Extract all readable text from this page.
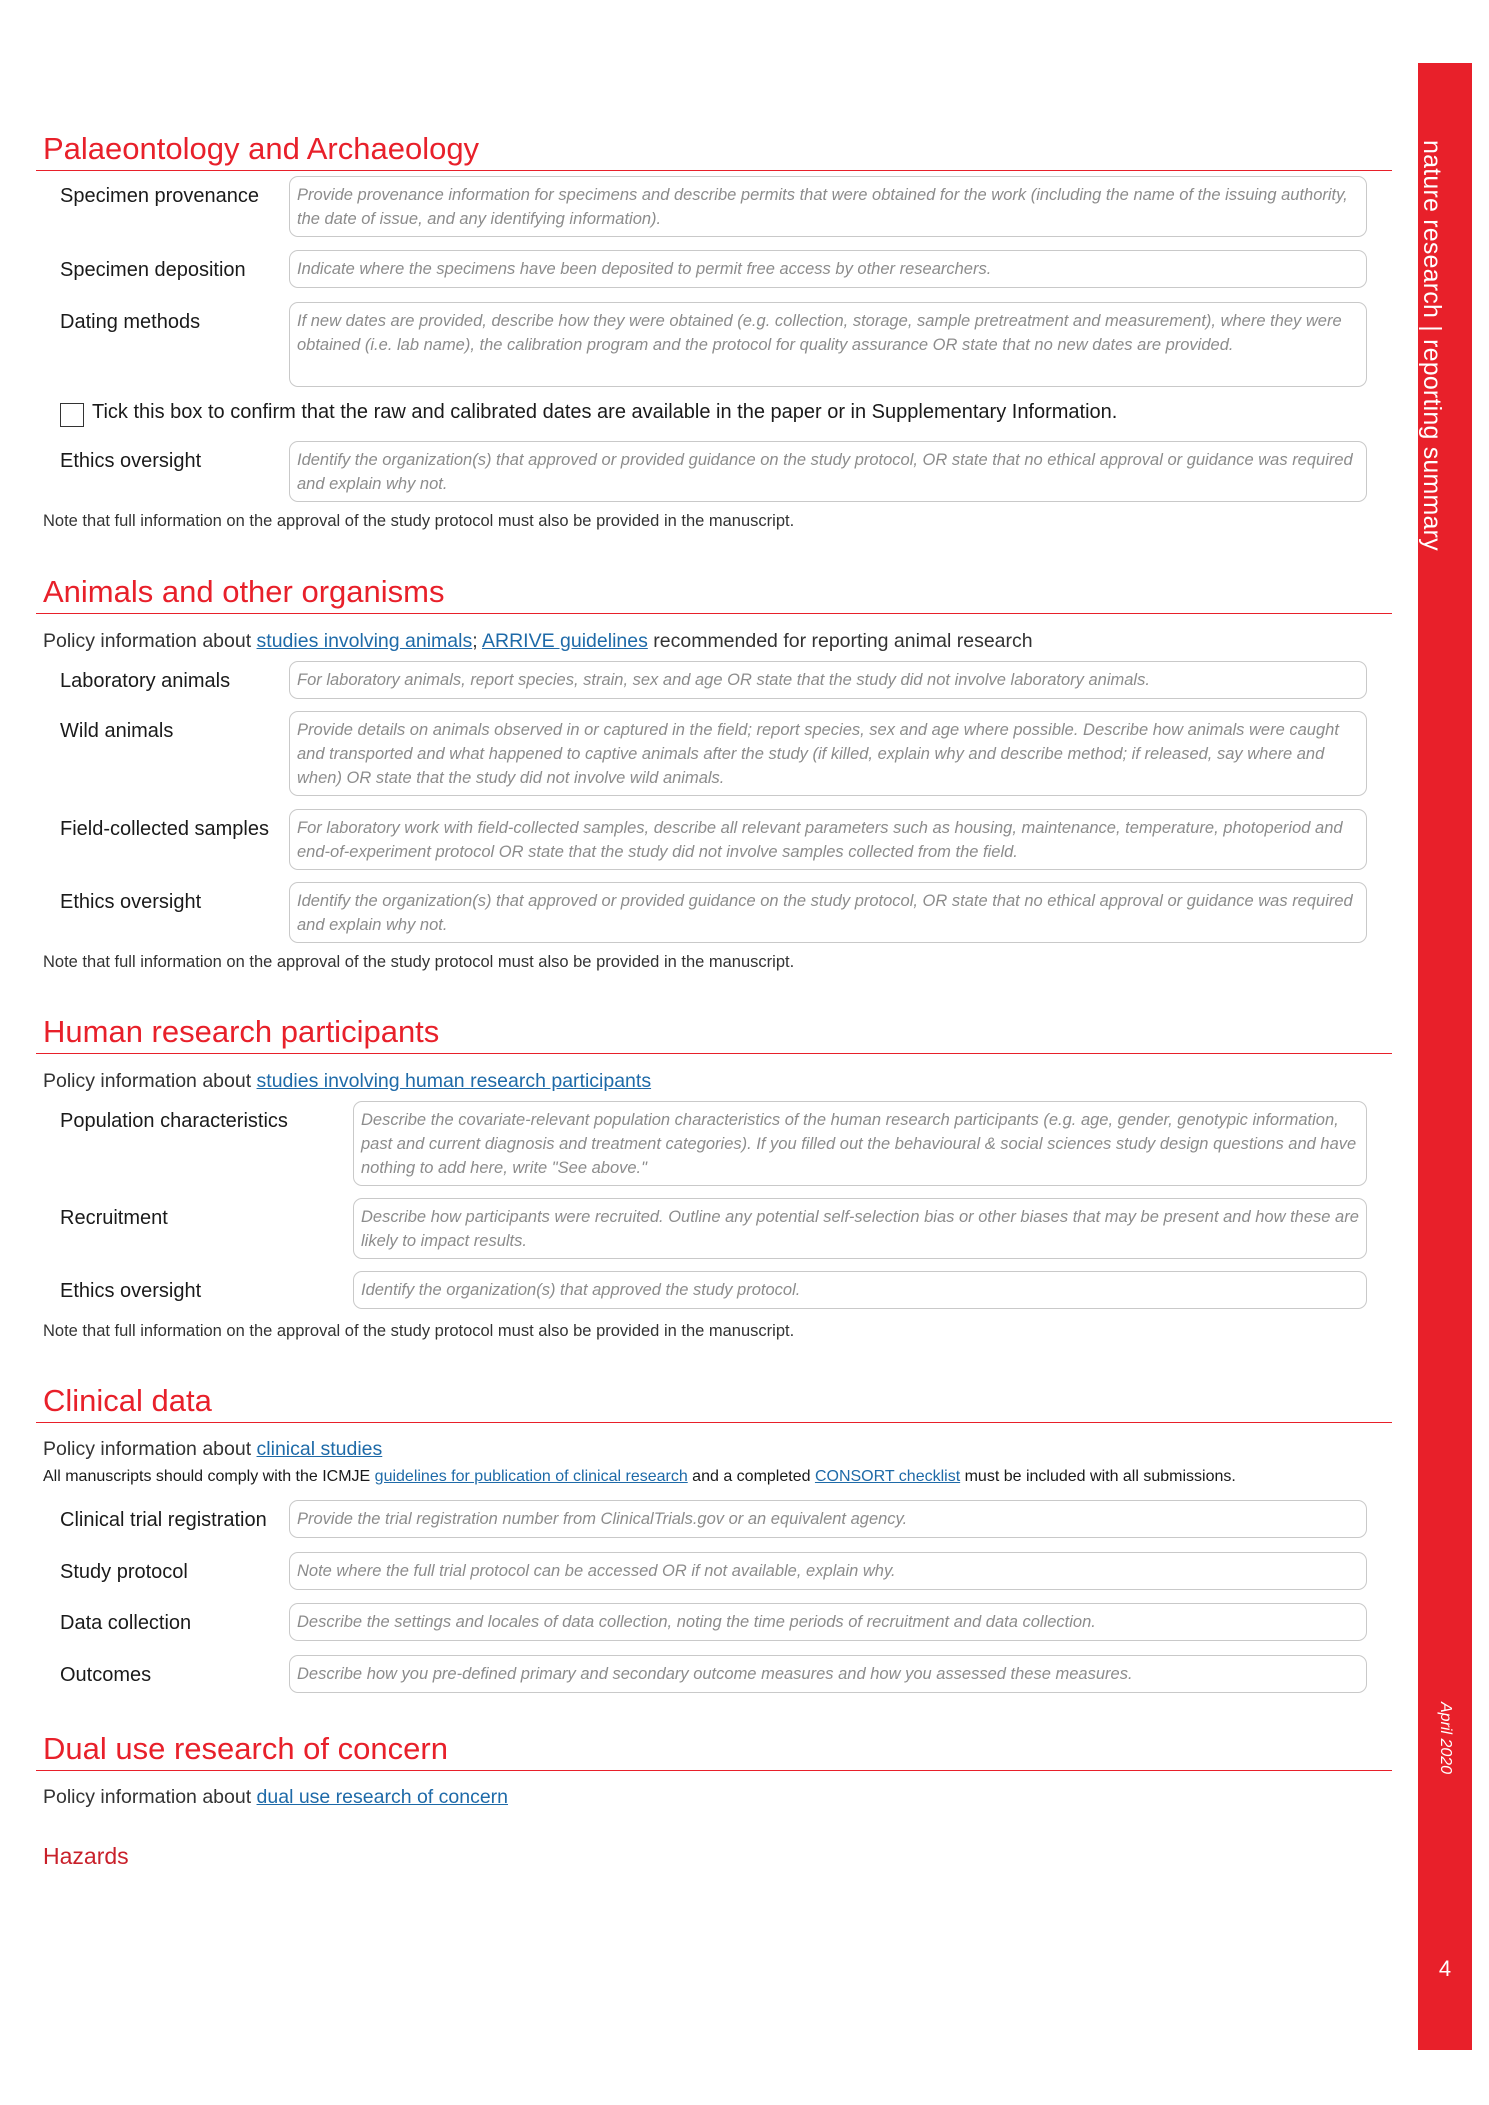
nature research | reporting summary
April 2020
4
Palaeontology and Archaeology
Specimen provenance	Provide provenance information for specimens and describe permits that were obtained for the work (including the name of the issuing authority, the date of issue, and any identifying information).
Specimen deposition	Indicate where the specimens have been deposited to permit free access by other researchers.
Dating methods	If new dates are provided, describe how they were obtained (e.g. collection, storage, sample pretreatment and measurement), where they were obtained (i.e. lab name), the calibration program and the protocol for quality assurance OR state that no new dates are provided.
Tick this box to confirm that the raw and calibrated dates are available in the paper or in Supplementary Information.
Ethics oversight	Identify the organization(s) that approved or provided guidance on the study protocol, OR state that no ethical approval or guidance was required and explain why not.
Note that full information on the approval of the study protocol must also be provided in the manuscript.
Animals and other organisms
Policy information about studies involving animals; ARRIVE guidelines recommended for reporting animal research
Laboratory animals	For laboratory animals, report species, strain, sex and age OR state that the study did not involve laboratory animals.
Wild animals	Provide details on animals observed in or captured in the field; report species, sex and age where possible. Describe how animals were caught and transported and what happened to captive animals after the study (if killed, explain why and describe method; if released, say where and when) OR state that the study did not involve wild animals.
Field-collected samples	For laboratory work with field-collected samples, describe all relevant parameters such as housing, maintenance, temperature, photoperiod and end-of-experiment protocol OR state that the study did not involve samples collected from the field.
Ethics oversight	Identify the organization(s) that approved or provided guidance on the study protocol, OR state that no ethical approval or guidance was required and explain why not.
Note that full information on the approval of the study protocol must also be provided in the manuscript.
Human research participants
Policy information about studies involving human research participants
Population characteristics	Describe the covariate-relevant population characteristics of the human research participants (e.g. age, gender, genotypic information, past and current diagnosis and treatment categories). If you filled out the behavioural & social sciences study design questions and have nothing to add here, write "See above."
Recruitment	Describe how participants were recruited. Outline any potential self-selection bias or other biases that may be present and how these are likely to impact results.
Ethics oversight	Identify the organization(s) that approved the study protocol.
Note that full information on the approval of the study protocol must also be provided in the manuscript.
Clinical data
Policy information about clinical studies
All manuscripts should comply with the ICMJE guidelines for publication of clinical research and a completed CONSORT checklist must be included with all submissions.
Clinical trial registration	Provide the trial registration number from ClinicalTrials.gov or an equivalent agency.
Study protocol	Note where the full trial protocol can be accessed OR if not available, explain why.
Data collection	Describe the settings and locales of data collection, noting the time periods of recruitment and data collection.
Outcomes	Describe how you pre-defined primary and secondary outcome measures and how you assessed these measures.
Dual use research of concern
Policy information about dual use research of concern
Hazards
